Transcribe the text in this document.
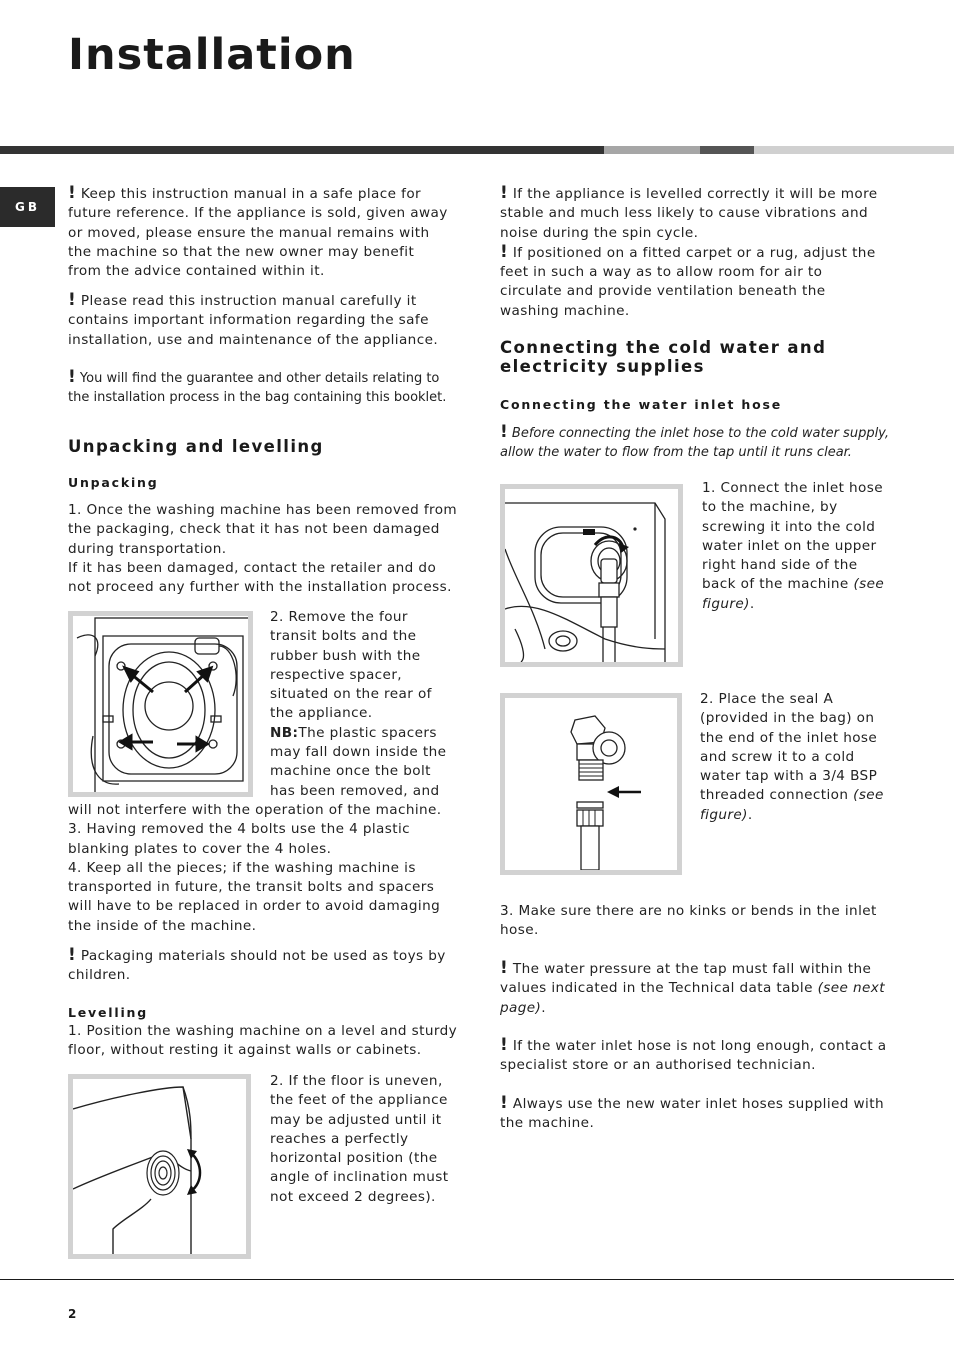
Installation
GB

! Keep this instruction manual in a safe place for future reference. If the appliance is sold, given away or moved, please ensure the manual remains with the machine so that the new owner may benefit from the advice contained within it.

! Please read this instruction manual carefully it contains important information regarding the safe installation, use and maintenance of the appliance.

! You will find the guarantee and other details relating to the installation process in the bag containing this booklet.

Unpacking and levelling
Unpacking

1. Once the washing machine has been removed from the packaging, check that it has not been damaged during transportation.

If it has been damaged, contact the retailer and do not proceed any further with the installation process.

2. Remove the four transit bolts and the rubber bush with the respective spacer, situated on the rear of the appliance.

NB:The plastic spacers may fall down inside the machine once the bolt has been removed, and

will not interfere with the operation of the machine.

3. Having removed the 4 bolts use the 4 plastic blanking plates to cover the 4 holes.

4. Keep all the pieces; if the washing machine is transported in future, the transit bolts and spacers will have to be replaced in order to avoid damaging the inside of the machine.

! Packaging materials should not be used as toys by children.

Levelling

1. Position the washing machine on a level and sturdy floor, without resting it against walls or cabinets.

2. If the floor is uneven, the feet of the appliance may be adjusted until it reaches a perfectly horizontal position (the angle of inclination must not exceed 2 degrees).

! If the appliance is levelled correctly it will be more stable and much less likely to cause vibrations and noise during the spin cycle.

! If positioned on a fitted carpet or a rug, adjust the feet in such a way as to allow room for air to circulate and provide ventilation beneath the washing machine.

Connecting the cold water and electricity supplies
Connecting the water inlet hose

! Before connecting the inlet hose to the cold water supply, allow the water to flow from the tap until it runs clear.

1. Connect the inlet hose to the machine, by screwing it into the cold water inlet on the upper right hand side of the back of the machine (see figure).

2. Place the seal A (provided in the bag) on the end of the inlet hose and screw it to a cold water tap with a 3/4 BSP threaded connection (see figure).

3. Make sure there are no kinks or bends in the inlet hose.

! The water pressure at the tap must fall within the values indicated in the Technical data table (see next page).

! If the water inlet hose is not long enough, contact a specialist store or an authorised technician.

! Always use the new water inlet hoses supplied with the machine.

2
